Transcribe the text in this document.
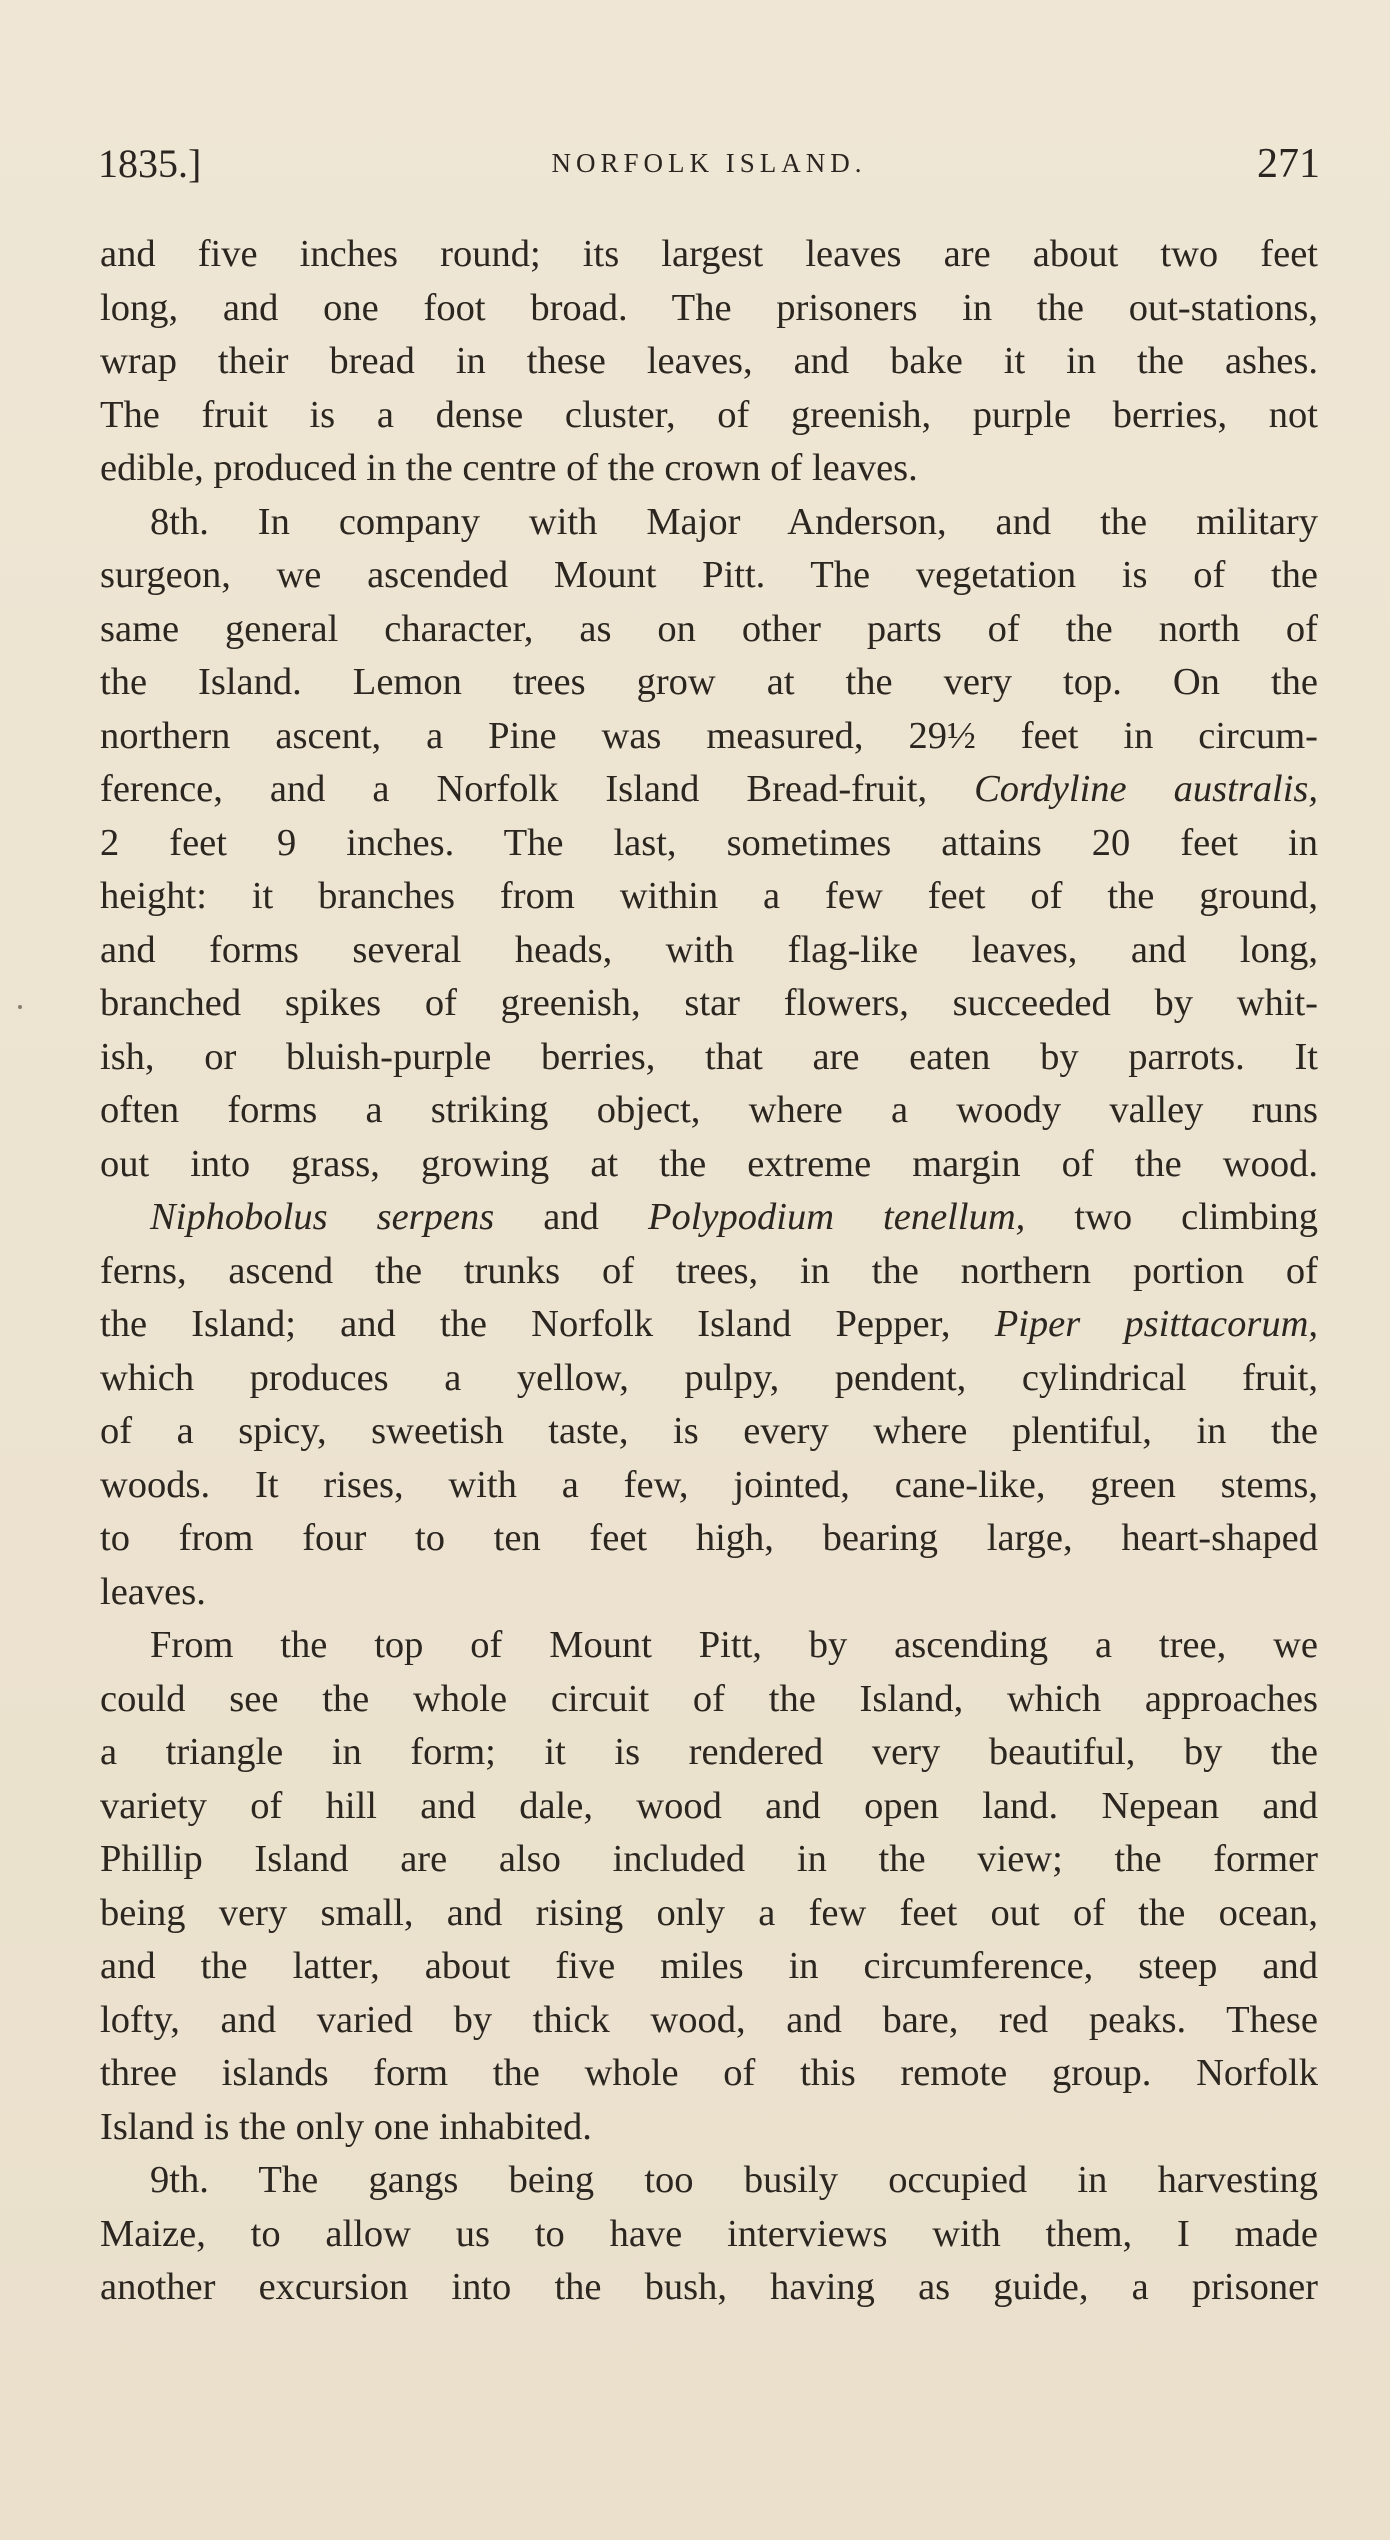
1835.]	NORFOLK ISLAND.	271
and five inches round; its largest leaves are about two feet
long, and one foot broad. The prisoners in the out-stations,
wrap their bread in these leaves, and bake it in the ashes.
The fruit is a dense cluster, of greenish, purple berries, not
edible, produced in the centre of the crown of leaves.
8th. In company with Major Anderson, and the military
surgeon, we ascended Mount Pitt. The vegetation is of the
same general character, as on other parts of the north of
the Island. Lemon trees grow at the very top. On the
northern ascent, a Pine was measured, 29½ feet in circum-
ference, and a Norfolk Island Bread-fruit, Cordyline australis,
2 feet 9 inches. The last, sometimes attains 20 feet in
height: it branches from within a few feet of the ground,
and forms several heads, with flag-like leaves, and long,
branched spikes of greenish, star flowers, succeeded by whit-
ish, or bluish-purple berries, that are eaten by parrots. It
often forms a striking object, where a woody valley runs
out into grass, growing at the extreme margin of the wood.
Niphobolus serpens and Polypodium tenellum, two climbing
ferns, ascend the trunks of trees, in the northern portion of
the Island; and the Norfolk Island Pepper, Piper psittacorum,
which produces a yellow, pulpy, pendent, cylindrical fruit,
of a spicy, sweetish taste, is every where plentiful, in the
woods. It rises, with a few, jointed, cane-like, green stems,
to from four to ten feet high, bearing large, heart-shaped
leaves.
From the top of Mount Pitt, by ascending a tree, we
could see the whole circuit of the Island, which approaches
a triangle in form; it is rendered very beautiful, by the
variety of hill and dale, wood and open land. Nepean and
Phillip Island are also included in the view; the former
being very small, and rising only a few feet out of the ocean,
and the latter, about five miles in circumference, steep and
lofty, and varied by thick wood, and bare, red peaks. These
three islands form the whole of this remote group. Norfolk
Island is the only one inhabited.
9th. The gangs being too busily occupied in harvesting
Maize, to allow us to have interviews with them, I made
another excursion into the bush, having as guide, a prisoner
